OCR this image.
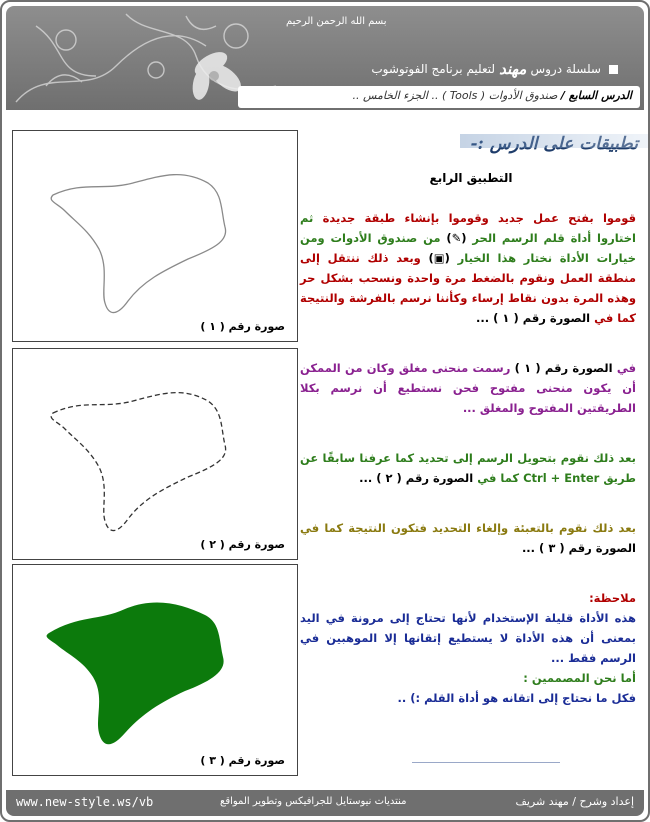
بسم الله الرحمن الرحيم
سلسلة دروس
مهند
لتعليم برنامج الفوتوشوب
الدرس السابع / صندوق الأدوات ( Tools ) .. الجزء الخامس ..
صورة رقم ( ١ )
صورة رقم ( ٢ )
صورة رقم ( ٣ )
تطبيقات على الدرس :-
التطبيق الرابع

قوموا بفتح عمل جديد وقوموا بإنشاء طبقة جديدة ثم اختاروا أداة قلم الرسم الحر (✎) من صندوق الأدوات ومن خيارات الأداة نختار هذا الخيار (▣) وبعد ذلك ننتقل إلى منطقة العمل ونقوم بالضغط مرة واحدة ونسحب بشكل حر وهذه المرة بدون نقاط إرساء وكأننا نرسم بالفرشة والنتيجة كما في الصورة رقم ( ١ ) ...

في الصورة رقم ( ١ ) رسمت منحنى مغلق وكان من الممكن أن يكون منحنى مفتوح فحن نستطيع أن نرسم بكلا الطريقتين المفتوح والمغلق ...

بعد ذلك نقوم بتحويل الرسم إلى تحديد كما عرفنا سابقًا عن طريق Ctrl + Enter كما في الصورة رقم ( ٢ ) ...

بعد ذلك نقوم بالتعبئة وإلغاء التحديد فتكون النتيجة كما في الصورة رقم ( ٣ ) ...

ملاحظة:
هذه الأداة قليلة الإستخدام لأنها تحتاج إلى مرونة في اليد بمعنى أن هذه الأداة لا يستطيع إتقانها إلا الموهبين في الرسم فقط ...
أما نحن المصممين :
فكل ما نحتاج إلى اتقانه هو أداة القلم :) ..

www.new-style.ws/vb	منتديات نيوستايل للجرافيكس وتطوير المواقع	إعداد وشرح / مهند شريف
